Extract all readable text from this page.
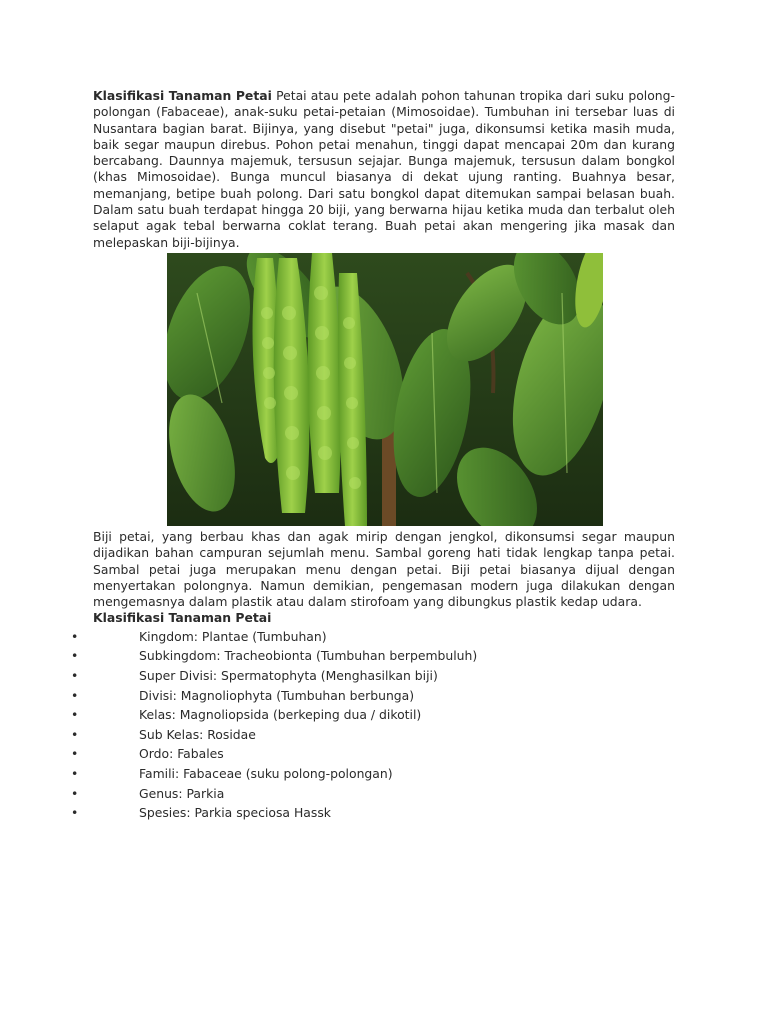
Klasifikasi Tanaman Petai Petai atau pete adalah pohon tahunan tropika dari suku polong-polongan (Fabaceae), anak-suku petai-petaian (Mimosoidae). Tumbuhan ini tersebar luas di Nusantara bagian barat. Bijinya, yang disebut "petai" juga, dikonsumsi ketika masih muda, baik segar maupun direbus. Pohon petai menahun, tinggi dapat mencapai 20m dan kurang bercabang. Daunnya majemuk, tersusun sejajar. Bunga majemuk, tersusun dalam bongkol (khas Mimosoidae). Bunga muncul biasanya di dekat ujung ranting. Buahnya besar, memanjang, betipe buah polong. Dari satu bongkol dapat ditemukan sampai belasan buah. Dalam satu buah terdapat hingga 20 biji, yang berwarna hijau ketika muda dan terbalut oleh selaput agak tebal berwarna coklat terang. Buah petai akan mengering jika masak dan melepaskan biji-bijinya.

Biji petai, yang berbau khas dan agak mirip dengan jengkol, dikonsumsi segar maupun dijadikan bahan campuran sejumlah menu. Sambal goreng hati tidak lengkap tanpa petai. Sambal petai juga merupakan menu dengan petai. Biji petai biasanya dijual dengan menyertakan polongnya. Namun demikian, pengemasan modern juga dilakukan dengan mengemasnya dalam plastik atau dalam stirofoam yang dibungkus plastik kedap udara.

Klasifikasi Tanaman Petai

•	Kingdom: Plantae (Tumbuhan)
•	Subkingdom: Tracheobionta (Tumbuhan berpembuluh)
•	Super Divisi: Spermatophyta (Menghasilkan biji)
•	Divisi: Magnoliophyta (Tumbuhan berbunga)
•	Kelas: Magnoliopsida (berkeping dua / dikotil)
•	Sub Kelas: Rosidae
•	Ordo: Fabales
•	Famili: Fabaceae (suku polong-polongan)
•	Genus: Parkia
•	Spesies: Parkia speciosa Hassk
